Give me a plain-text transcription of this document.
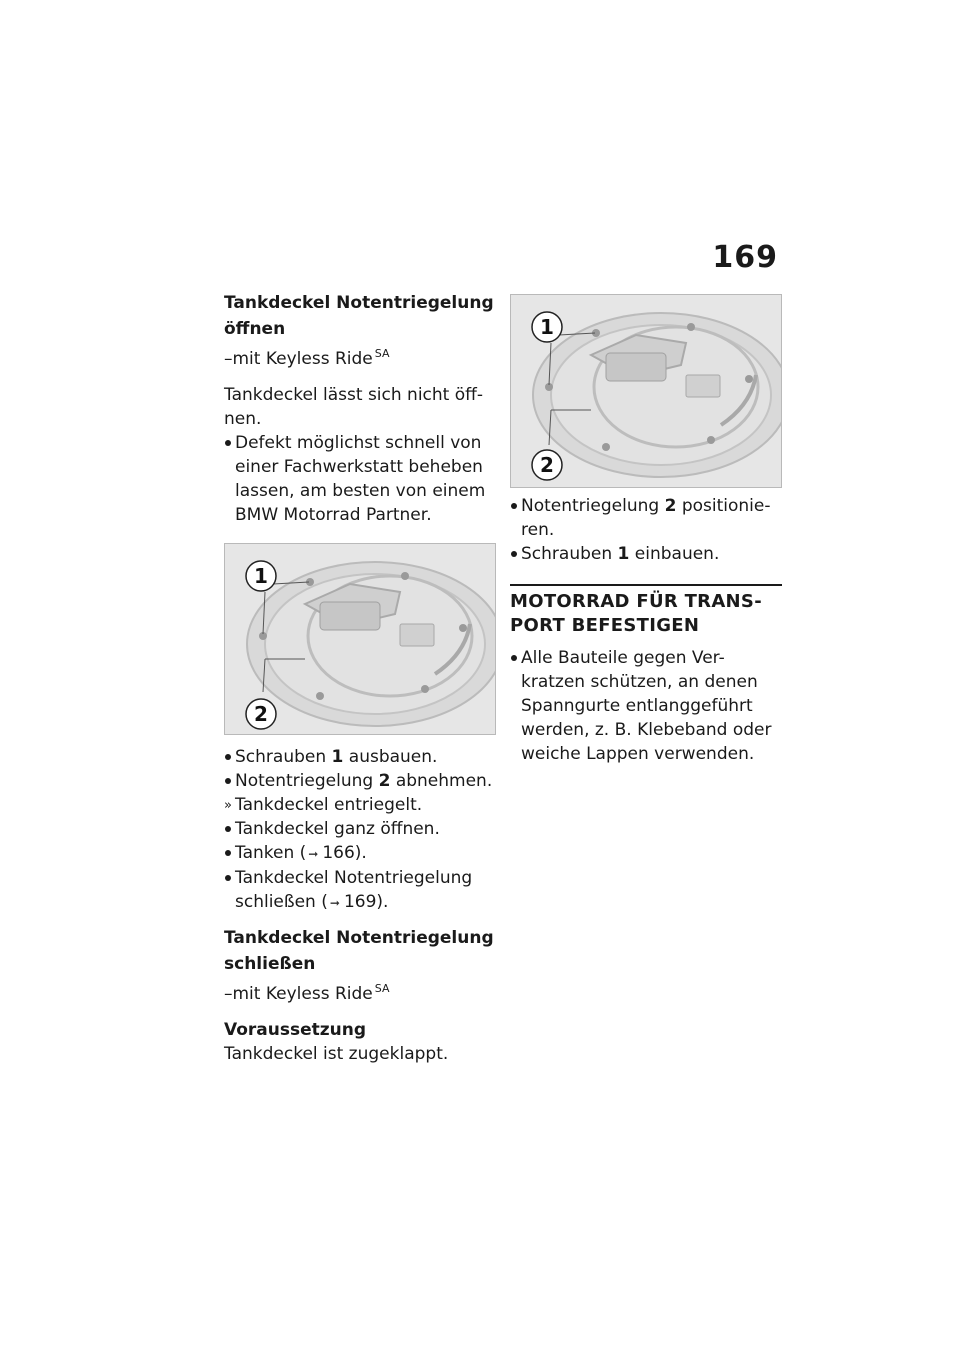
169

Tankdeckel Notentriegelung
öffnen

–mit Keyless Ride $^{SA}$

Tankdeckel lässt sich nicht öff-
nen.

Defekt möglichst schnell von
einer Fachwerkstatt beheben
lassen, am besten von einem
BMW Motorrad Partner.
1
2
Schrauben 1 ausbauen.
Notentriegelung 2 abnehmen.
» Tankdeckel entriegelt.
Tankdeckel ganz öffnen.
Tanken ( ➞ 166).
Tankdeckel Notentriegelung
schließen ( ➞ 169).

Tankdeckel Notentriegelung
schließen

–mit Keyless Ride $^{SA}$

Voraussetzung

Tankdeckel ist zugeklappt.

1
2
Notentriegelung 2 positionie-
ren.
Schrauben 1 einbauen.

MOTORRAD FÜR TRANS-
PORT BEFESTIGEN

Alle Bauteile gegen Ver-
kratzen schützen, an denen
Spanngurte entlanggeführt
werden, z. B. Klebeband oder
weiche Lappen verwenden.
